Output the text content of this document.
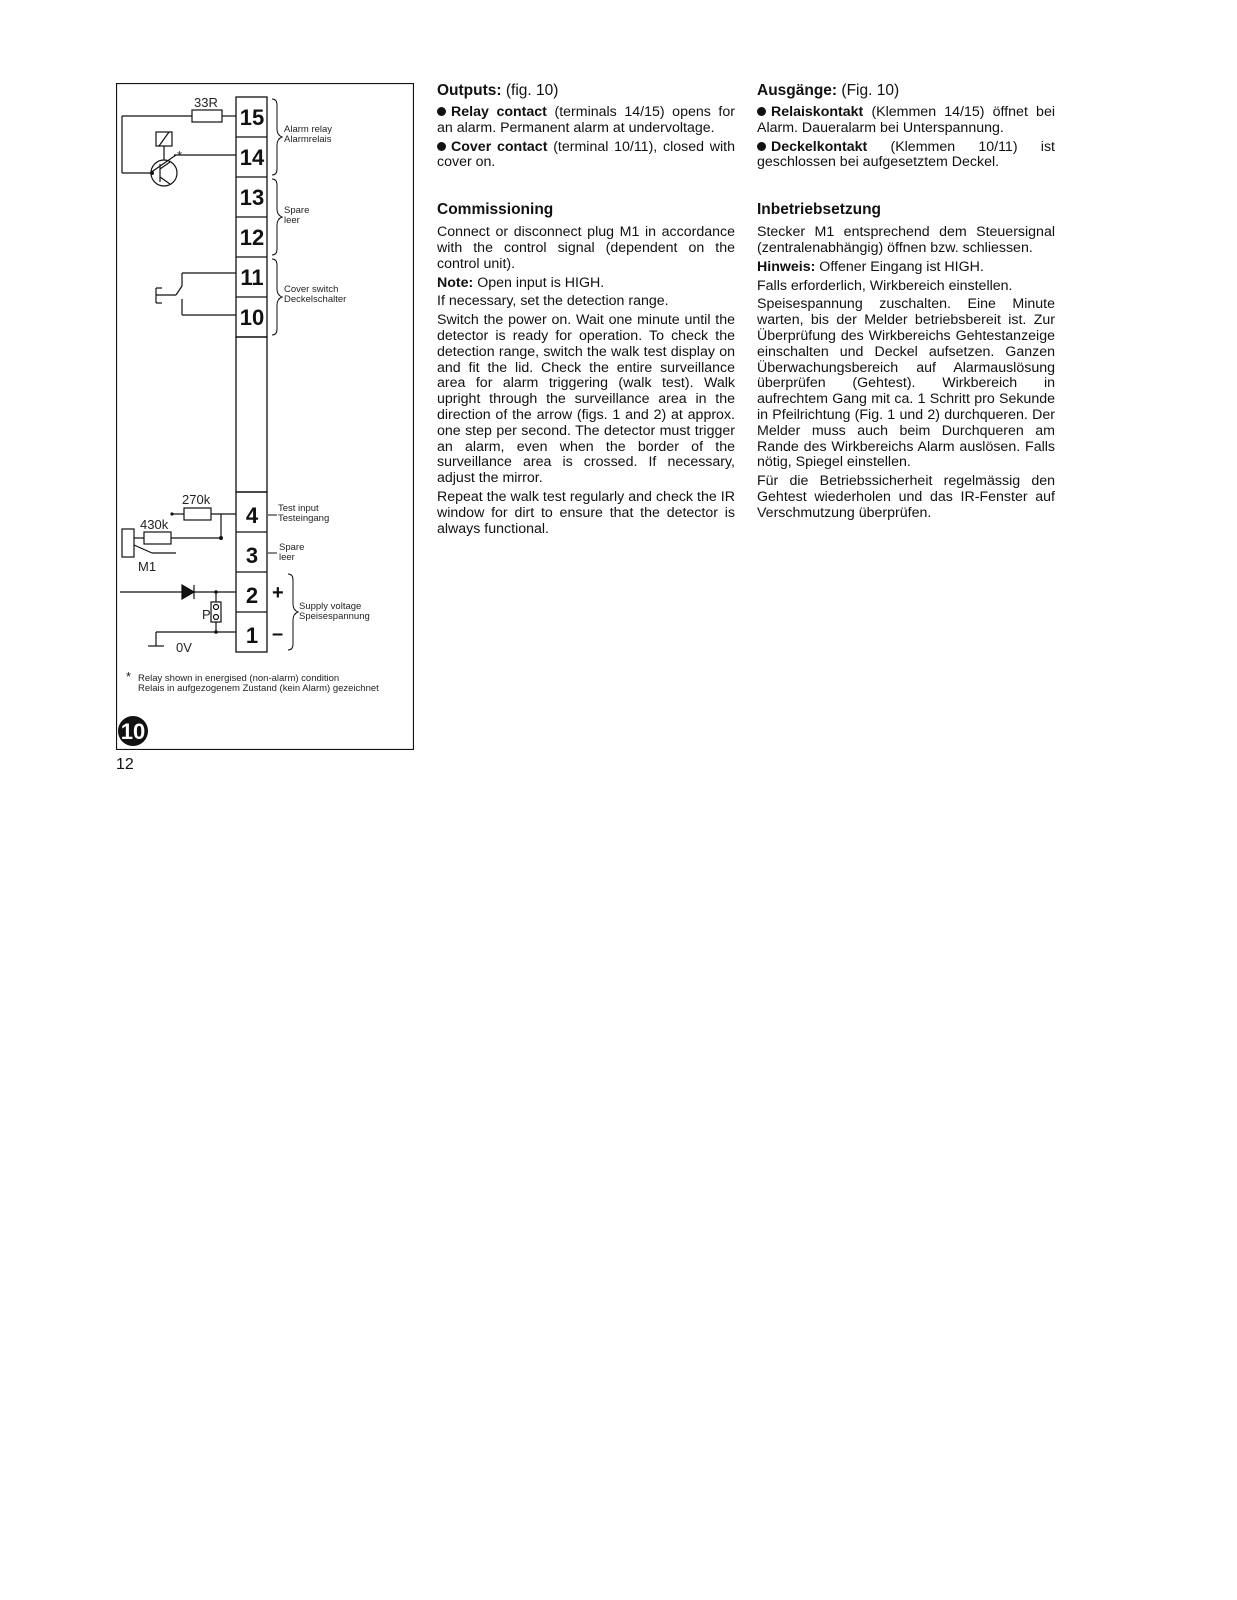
15
14
13
12
11
10
4
3
2
1
Alarm relay
Alarmrelais
Spare
leer
Cover switch
Deckelschalter
Test input
Testeingang
Spare
leer
Supply voltage
Speisespannung
+
–
33R
*
270k
430k
M1
P
0V
* Relay shown in energised (non-alarm) condition
Relais in aufgezogenem Zustand (kein Alarm) gezeichnet
10
12
Outputs: (fig. 10)

Relay contact (terminals 14/15) opens for an alarm. Permanent alarm at undervoltage.

Cover contact (terminal 10/11), closed with cover on.

Commissioning

Connect or disconnect plug M1 in accordance with the control signal (dependent on the control unit).

Note: Open input is HIGH.

If necessary, set the detection range.

Switch the power on. Wait one minute until the detector is ready for operation. To check the detection range, switch the walk test display on and fit the lid. Check the entire surveillance area for alarm triggering (walk test). Walk upright through the surveillance area in the direction of the arrow (figs. 1 and 2) at approx. one step per second. The detector must trigger an alarm, even when the border of the surveillance area is crossed. If necessary, adjust the mirror.

Repeat the walk test regularly and check the IR window for dirt to ensure that the detector is always functional.

Ausgänge: (Fig. 10)

Relaiskontakt (Klemmen 14/15) öffnet bei Alarm. Daueralarm bei Unterspannung.

Deckelkontakt (Klemmen 10/11) ist geschlossen bei aufgesetztem Deckel.

Inbetriebsetzung

Stecker M1 entsprechend dem Steuersignal (zentralenabhängig) öffnen bzw. schliessen.

Hinweis: Offener Eingang ist HIGH.

Falls erforderlich, Wirkbereich einstellen.

Speisespannung zuschalten. Eine Minute warten, bis der Melder betriebsbereit ist. Zur Überprüfung des Wirkbereichs Gehtestanzeige einschalten und Deckel aufsetzen. Ganzen Überwachungsbereich auf Alarmauslösung überprüfen (Gehtest). Wirkbereich in aufrechtem Gang mit ca. 1 Schritt pro Sekunde in Pfeilrichtung (Fig. 1 und 2) durchqueren. Der Melder muss auch beim Durchqueren am Rande des Wirkbereichs Alarm auslösen. Falls nötig, Spiegel einstellen.

Für die Betriebssicherheit regelmässig den Gehtest wiederholen und das IR-Fenster auf Verschmutzung überprüfen.
